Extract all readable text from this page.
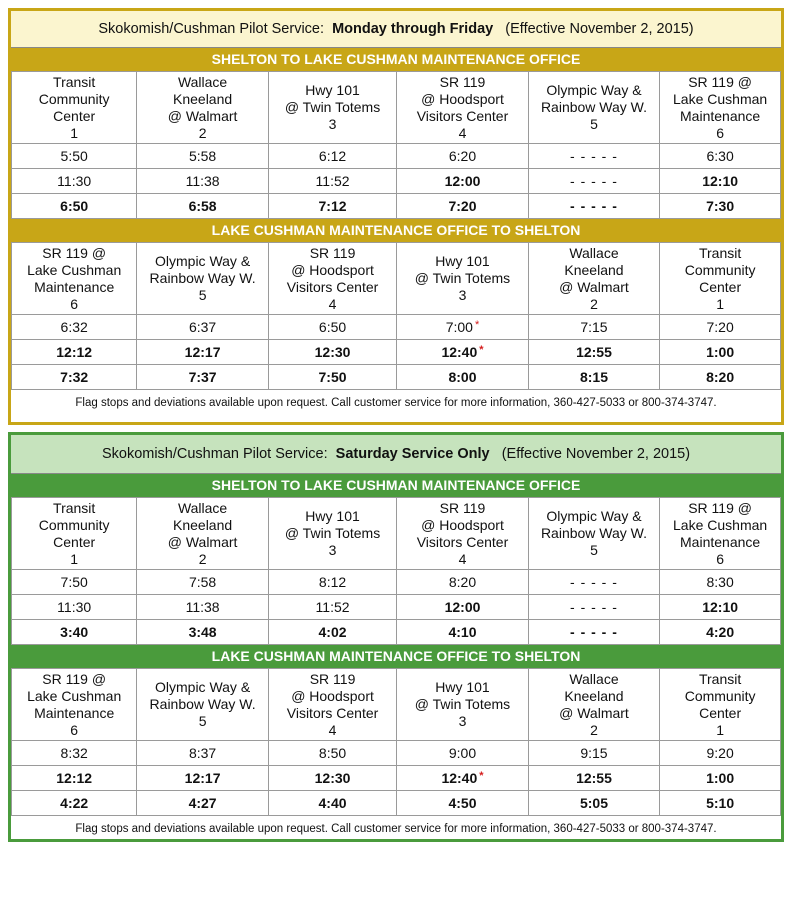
Skokomish/Cushman Pilot Service: Monday through Friday (Effective November 2, 2015)
SHELTON TO LAKE CUSHMAN MAINTENANCE OFFICE
Transit
Community
Center
1	Wallace
Kneeland
@ Walmart
2	Hwy 101
@ Twin Totems
3	SR 119
@ Hoodsport
Visitors Center
4	Olympic Way &
Rainbow Way W.
5	SR 119 @
Lake Cushman
Maintenance
6
5:50	5:58	6:12	6:20	- - - - -	6:30
11:30	11:38	11:52	12:00	- - - - -	12:10
6:50	6:58	7:12	7:20	- - - - -	7:30
LAKE CUSHMAN MAINTENANCE OFFICE TO SHELTON
SR 119 @
Lake Cushman
Maintenance
6	Olympic Way &
Rainbow Way W.
5	SR 119
@ Hoodsport
Visitors Center
4	Hwy 101
@ Twin Totems
3	Wallace
Kneeland
@ Walmart
2	Transit
Community
Center
1
6:32	6:37	6:50	7:00 *	7:15	7:20
12:12	12:17	12:30	12:40 *	12:55	1:00
7:32	7:37	7:50	8:00	8:15	8:20
Flag stops and deviations available upon request. Call customer service for more information, 360-427-5033 or 800-374-3747.
Skokomish/Cushman Pilot Service: Saturday Service Only (Effective November 2, 2015)
SHELTON TO LAKE CUSHMAN MAINTENANCE OFFICE
Transit
Community
Center
1	Wallace
Kneeland
@ Walmart
2	Hwy 101
@ Twin Totems
3	SR 119
@ Hoodsport
Visitors Center
4	Olympic Way &
Rainbow Way W.
5	SR 119 @
Lake Cushman
Maintenance
6
7:50	7:58	8:12	8:20	- - - - -	8:30
11:30	11:38	11:52	12:00	- - - - -	12:10
3:40	3:48	4:02	4:10	- - - - -	4:20
LAKE CUSHMAN MAINTENANCE OFFICE TO SHELTON
SR 119 @
Lake Cushman
Maintenance
6	Olympic Way &
Rainbow Way W.
5	SR 119
@ Hoodsport
Visitors Center
4	Hwy 101
@ Twin Totems
3	Wallace
Kneeland
@ Walmart
2	Transit
Community
Center
1
8:32	8:37	8:50	9:00	9:15	9:20
12:12	12:17	12:30	12:40 *	12:55	1:00
4:22	4:27	4:40	4:50	5:05	5:10
Flag stops and deviations available upon request. Call customer service for more information, 360-427-5033 or 800-374-3747.
